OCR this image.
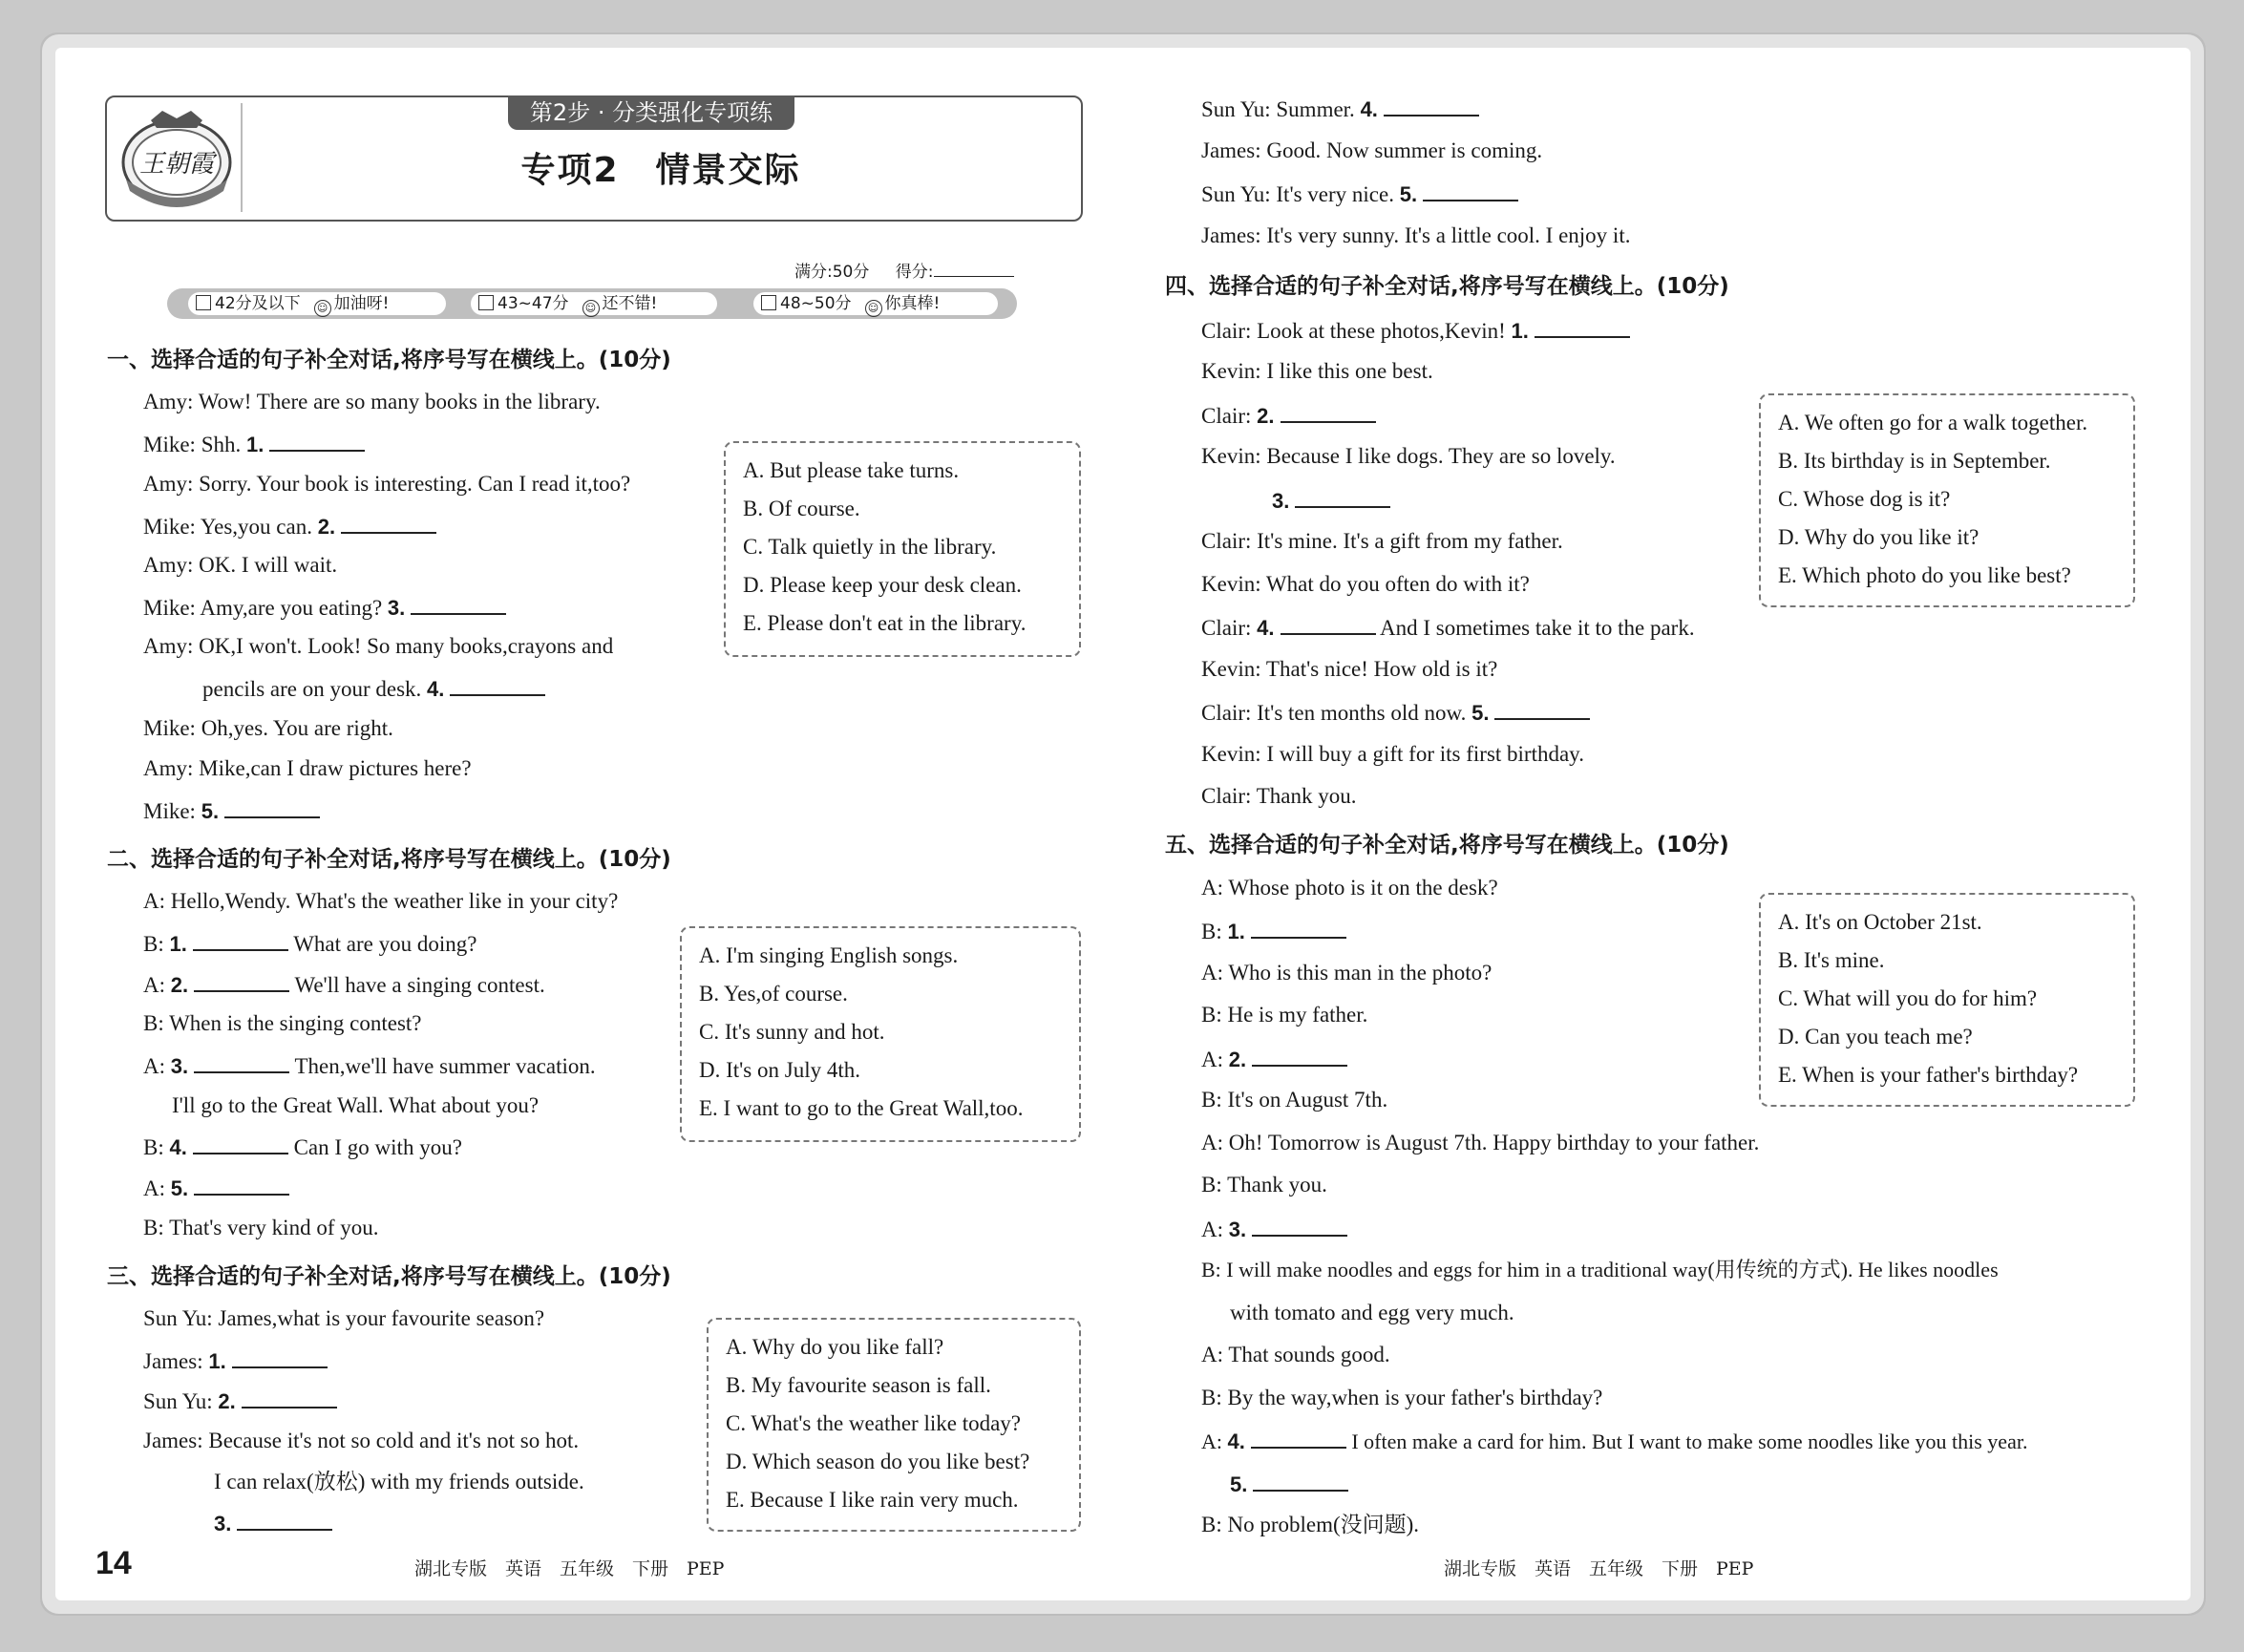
王朝霞
第2步 · 分类强化专项练
专项2　情景交际
满分:50分 得分:
42分及以下 ☺ 加油呀!	43~47分 ☺ 还不错!	48~50分 ☺ 你真棒!
一、选择合适的句子补全对话,将序号写在横线上。(10分)
Amy: Wow! There are so many books in the library.
Mike: Shh. 1.
Amy: Sorry. Your book is interesting. Can I read it,too?
Mike: Yes,you can. 2.
Amy: OK. I will wait.
Mike: Amy,are you eating? 3.
Amy: OK,I won't. Look! So many books,crayons and
pencils are on your desk. 4.
Mike: Oh,yes. You are right.
Amy: Mike,can I draw pictures here?
Mike: 5.
A. But please take turns.
B. Of course.
C. Talk quietly in the library.
D. Please keep your desk clean.
E. Please don't eat in the library.
二、选择合适的句子补全对话,将序号写在横线上。(10分)
A: Hello,Wendy. What's the weather like in your city?
B: 1.	What are you doing?
A: 2.	We'll have a singing contest.
B: When is the singing contest?
A: 3.	Then,we'll have summer vacation.
I'll go to the Great Wall. What about you?
B: 4.	Can I go with you?
A: 5.
B: That's very kind of you.
A. I'm singing English songs.
B. Yes,of course.
C. It's sunny and hot.
D. It's on July 4th.
E. I want to go to the Great Wall,too.
三、选择合适的句子补全对话,将序号写在横线上。(10分)
Sun Yu: James,what is your favourite season?
James: 1.
Sun Yu: 2.
James: Because it's not so cold and it's not so hot.
I can relax(放松) with my friends outside.
3.
A. Why do you like fall?
B. My favourite season is fall.
C. What's the weather like today?
D. Which season do you like best?
E. Because I like rain very much.
Sun Yu: Summer. 4.
James: Good. Now summer is coming.
Sun Yu: It's very nice. 5.
James: It's very sunny. It's a little cool. I enjoy it.
四、选择合适的句子补全对话,将序号写在横线上。(10分)
Clair: Look at these photos,Kevin! 1.
Kevin: I like this one best.
Clair: 2.
Kevin: Because I like dogs. They are so lovely.
3.
Clair: It's mine. It's a gift from my father.
Kevin: What do you often do with it?
Clair: 4.	And I sometimes take it to the park.
Kevin: That's nice! How old is it?
Clair: It's ten months old now. 5.
Kevin: I will buy a gift for its first birthday.
Clair: Thank you.
A. We often go for a walk together.
B. Its birthday is in September.
C. Whose dog is it?
D. Why do you like it?
E. Which photo do you like best?
五、选择合适的句子补全对话,将序号写在横线上。(10分)
A: Whose photo is it on the desk?
B: 1.
A: Who is this man in the photo?
B: He is my father.
A: 2.
B: It's on August 7th.
A: Oh! Tomorrow is August 7th. Happy birthday to your father.
B: Thank you.
A: 3.
B: I will make noodles and eggs for him in a traditional way(用传统的方式). He likes noodles
with tomato and egg very much.
A: That sounds good.
B: By the way,when is your father's birthday?
A: 4.	I often make a card for him. But I want to make some noodles like you this year.
5.
B: No problem(没问题).
A. It's on October 21st.
B. It's mine.
C. What will you do for him?
D. Can you teach me?
E. When is your father's birthday?
14	湖北专版　英语　五年级　下册　PEP	湖北专版　英语　五年级　下册　PEP
